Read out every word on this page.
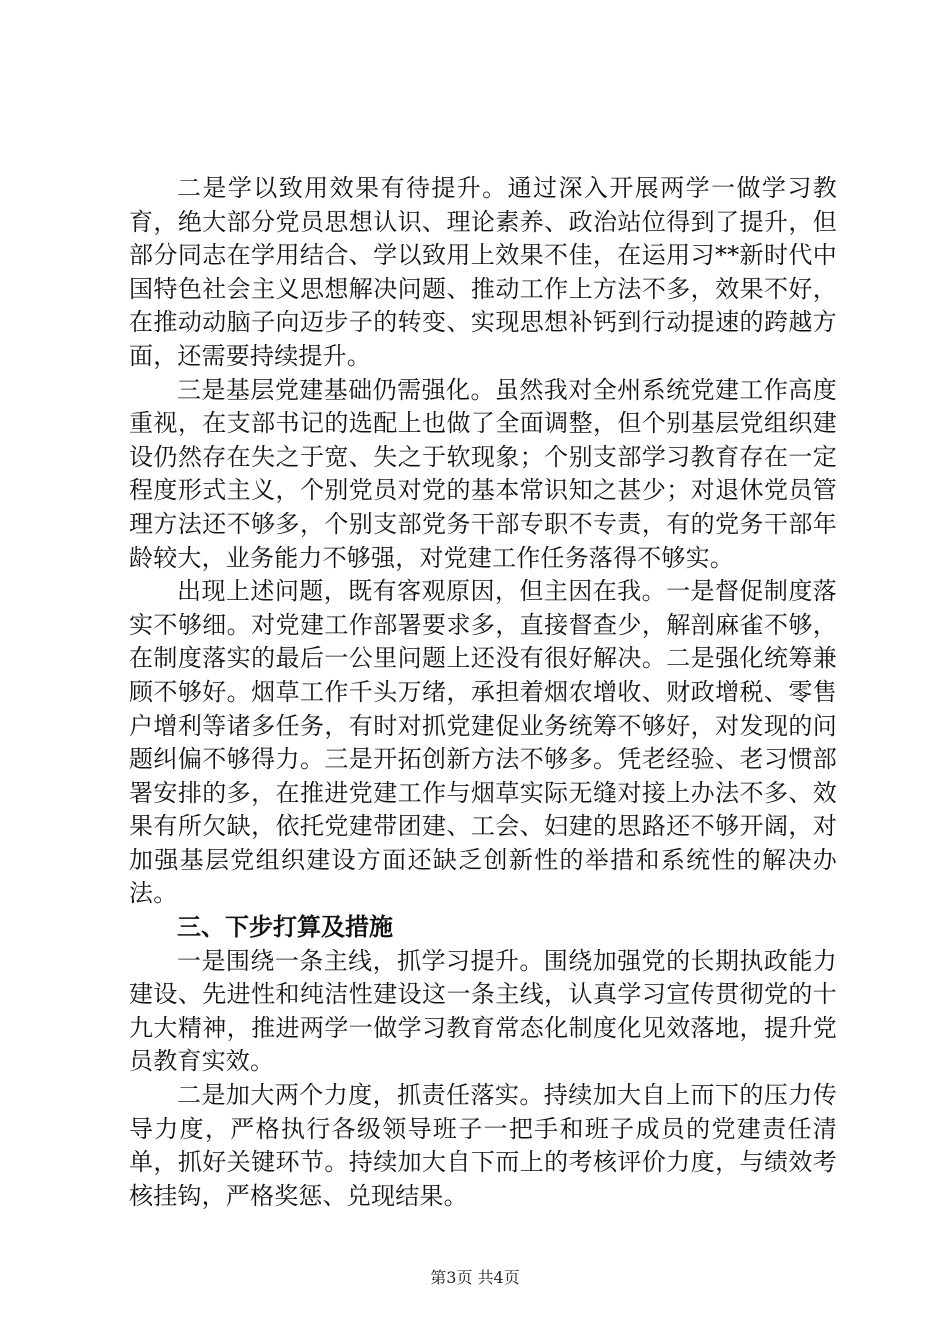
二是学以致用效果有待提升。通过深入开展两学一做学习教育，绝大部分党员思想认识、理论素养、政治站位得到了提升，但部分同志在学用结合、学以致用上效果不佳，在运用习**新时代中国特色社会主义思想解决问题、推动工作上方法不多，效果不好，在推动动脑子向迈步子的转变、实现思想补钙到行动提速的跨越方面，还需要持续提升。

三是基层党建基础仍需强化。虽然我对全州系统党建工作高度重视，在支部书记的选配上也做了全面调整，但个别基层党组织建设仍然存在失之于宽、失之于软现象；个别支部学习教育存在一定程度形式主义，个别党员对党的基本常识知之甚少；对退休党员管理方法还不够多，个别支部党务干部专职不专责，有的党务干部年龄较大，业务能力不够强，对党建工作任务落得不够实。

出现上述问题，既有客观原因，但主因在我。一是督促制度落实不够细。对党建工作部署要求多，直接督查少，解剖麻雀不够，在制度落实的最后一公里问题上还没有很好解决。二是强化统筹兼顾不够好。烟草工作千头万绪，承担着烟农增收、财政增税、零售户增利等诸多任务，有时对抓党建促业务统筹不够好，对发现的问题纠偏不够得力。三是开拓创新方法不够多。凭老经验、老习惯部署安排的多，在推进党建工作与烟草实际无缝对接上办法不多、效果有所欠缺，依托党建带团建、工会、妇建的思路还不够开阔，对加强基层党组织建设方面还缺乏创新性的举措和系统性的解决办法。

三、下步打算及措施

一是围绕一条主线，抓学习提升。围绕加强党的长期执政能力建设、先进性和纯洁性建设这一条主线，认真学习宣传贯彻党的十九大精神，推进两学一做学习教育常态化制度化见效落地，提升党员教育实效。

二是加大两个力度，抓责任落实。持续加大自上而下的压力传导力度，严格执行各级领导班子一把手和班子成员的党建责任清单，抓好关键环节。持续加大自下而上的考核评价力度，与绩效考核挂钩，严格奖惩、兑现结果。

第3页 共4页
